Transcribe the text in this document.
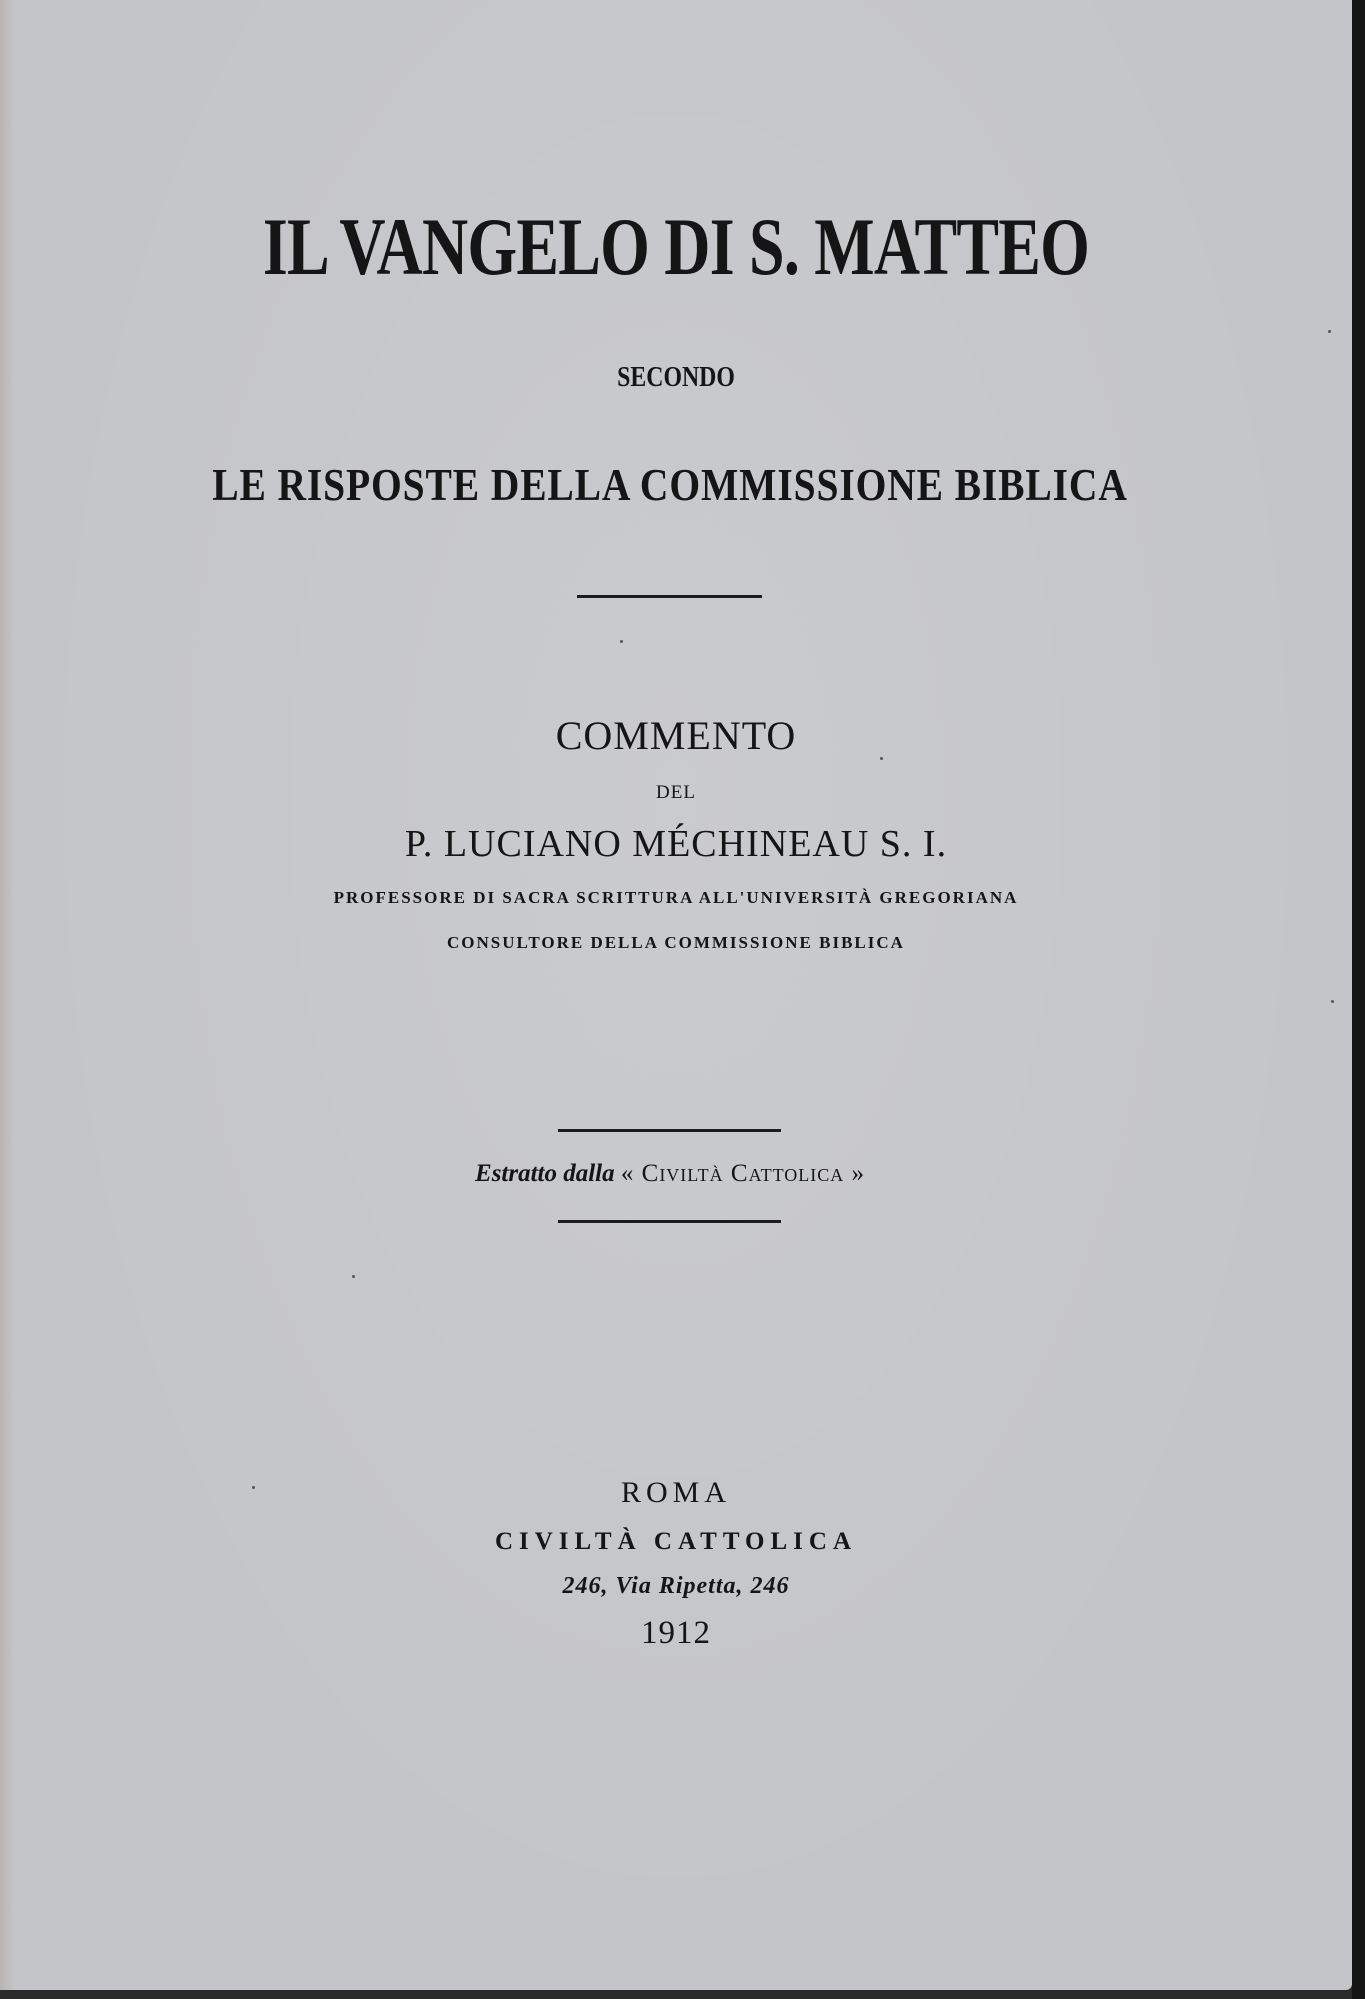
IL VANGELO DI S. MATTEO
SECONDO
LE RISPOSTE DELLA COMMISSIONE BIBLICA
COMMENTO
DEL
P. LUCIANO MÉCHINEAU S. I.
PROFESSORE DI SACRA SCRITTURA ALL'UNIVERSITÀ GREGORIANA
CONSULTORE DELLA COMMISSIONE BIBLICA
Estratto dalla « Civiltà Cattolica »
ROMA
CIVILTÀ CATTOLICA
246, Via Ripetta, 246
1912
